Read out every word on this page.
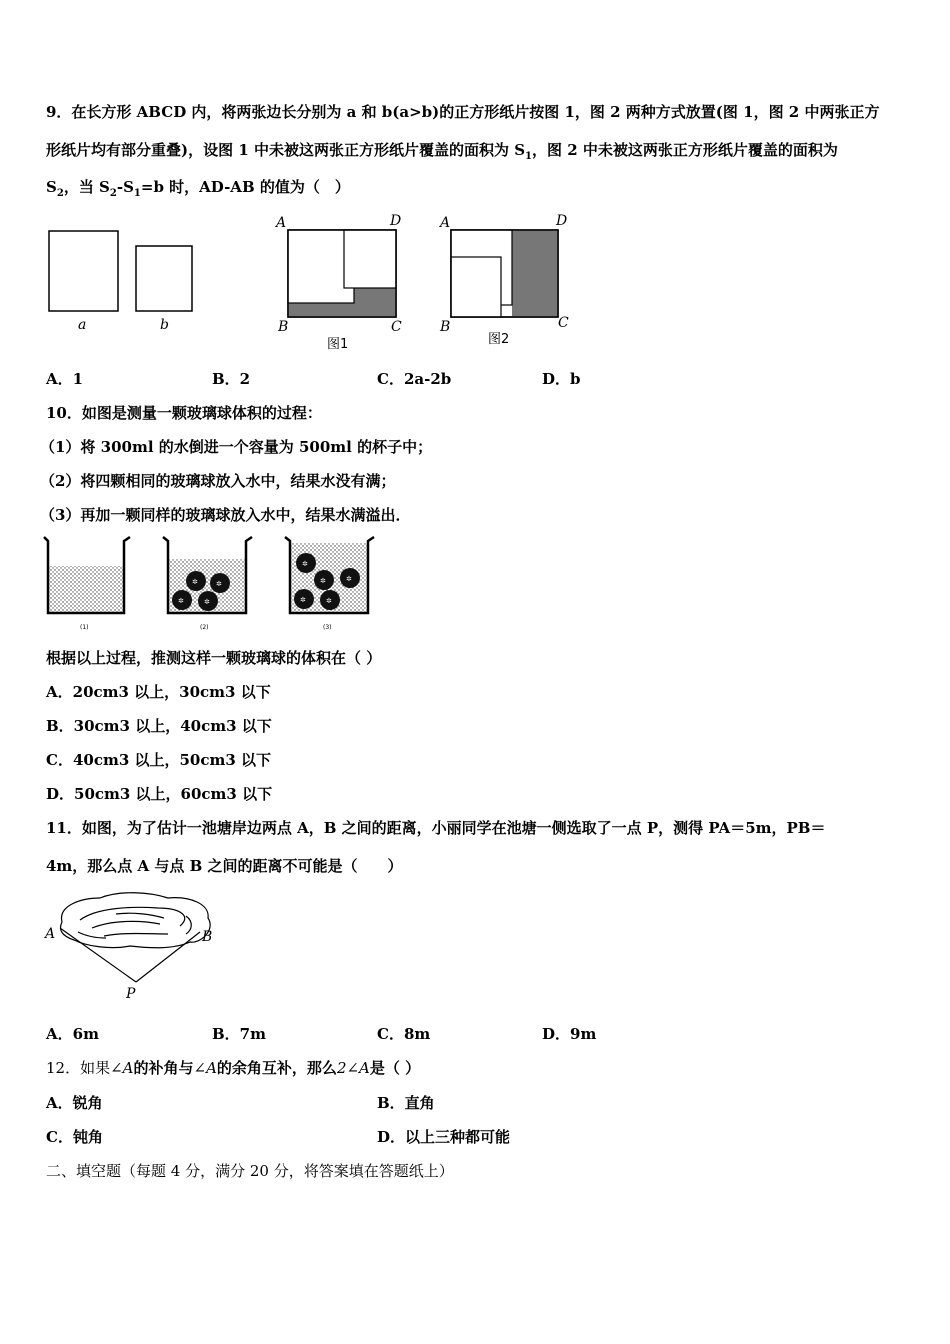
9．在长方形 ABCD 内，将两张边长分别为 a 和 b(a>b)的正方形纸片按图 1，图 2 两种方式放置(图 1，图 2 中两张正方
形纸片均有部分重叠)，设图 1 中未被这两张正方形纸片覆盖的面积为 $S_1$，图 2 中未被这两张正方形纸片覆盖的面积为
$S_2$，当 $S_2-S_1=b$ 时，AD-AB 的值为（　）
a	b
A	D
B	C
图1
A	D
B	C
图2
A．1	B．2	C．2a-2b	D．b
10．如图是测量一颗玻璃球体积的过程：
（1）将 300ml 的水倒进一个容量为 500ml 的杯子中；
（2）将四颗相同的玻璃球放入水中，结果水没有满；
（3）再加一颗同样的玻璃球放入水中，结果水满溢出．
(1)
✲	✲
✲	✲
(2)
✲
✲	✲
✲	✲
(3)
根据以上过程，推测这样一颗玻璃球的体积在（ ）
A．20cm3 以上，30cm3 以下
B．30cm3 以上，40cm3 以下
C．40cm3 以上，50cm3 以下
D．50cm3 以上，60cm3 以下
11．如图，为了估计一池塘岸边两点 A，B 之间的距离，小丽同学在池塘一侧选取了一点 P，测得 PA＝5m，PB＝
4m，那么点 A 与点 B 之间的距离不可能是（　　）
A	B
P
A．6m	B．7m	C．8m	D．9m
12．如果∠A的补角与∠A的余角互补，那么2∠A是（ ）
A．锐角	B．直角
C．钝角	D．以上三种都可能
二、填空题（每题 4 分，满分 20 分，将答案填在答题纸上）
